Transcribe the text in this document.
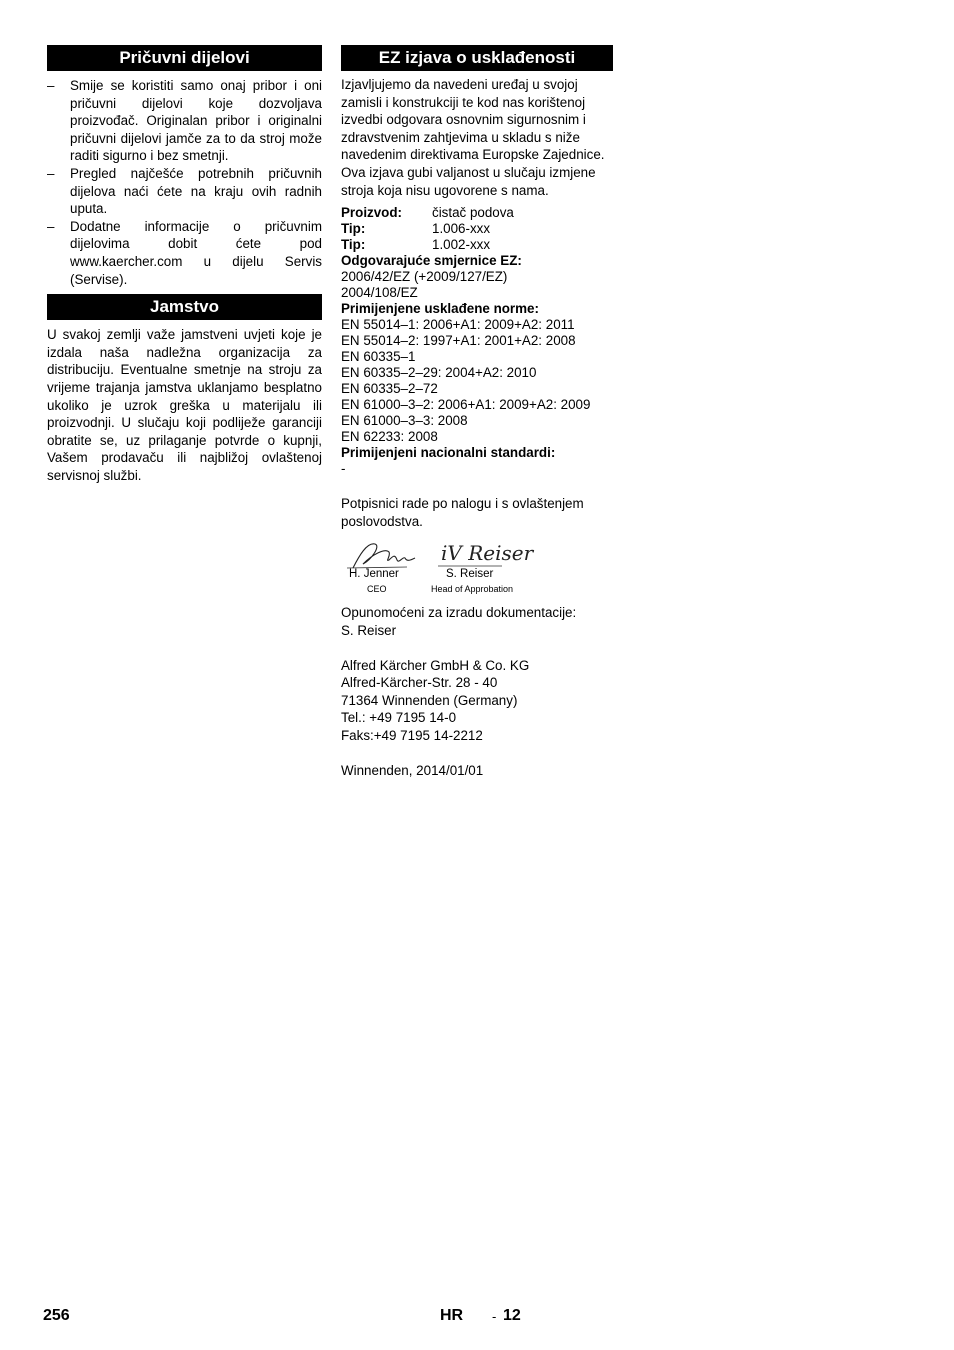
Pričuvni dijelovi
– Smije se koristiti samo onaj pribor i oni pričuvni dijelovi koje dozvoljava proizvođač. Originalan pribor i originalni pričuvni dijelovi jamče za to da stroj može raditi sigurno i bez smetnji.
– Pregled najčešće potrebnih pričuvnih dijelova naći ćete na kraju ovih radnih uputa.
– Dodatne informacije o pričuvnim dijelovima dobit ćete pod www.kaercher.com u dijelu Servis (Servise).
Jamstvo
U svakoj zemlji važe jamstveni uvjeti koje je izdala naša nadležna organizacija za distribuciju. Eventualne smetnje na stroju za vrijeme trajanja jamstva uklanjamo besplatno ukoliko je uzrok greška u materijalu ili proizvodnji. U slučaju koji podliježe garanciji obratite se, uz prilaganje potvrde o kupnji, Vašem prodavaču ili najbližoj ovlaštenoj servisnoj službi.
EZ izjava o usklađenosti
Izjavljujemo da navedeni uređaj u svojoj zamisli i konstrukciji te kod nas korištenoj izvedbi odgovara osnovnim sigurnosnim i zdravstvenim zahtjevima u skladu s niže navedenim direktivama Europske Zajednice. Ova izjava gubi valjanost u slučaju izmjene stroja koja nisu ugovorene s nama.
Proizvod:	čistač podova
Tip:	1.006-xxx
Tip:	1.002-xxx
Odgovarajuće smjernice EZ:
2006/42/EZ (+2009/127/EZ)
2004/108/EZ
Primijenjene usklađene norme:
EN 55014–1: 2006+A1: 2009+A2: 2011
EN 55014–2: 1997+A1: 2001+A2: 2008
EN 60335–1
EN 60335–2–29: 2004+A2: 2010
EN 60335–2–72
EN 61000–3–2: 2006+A1: 2009+A2: 2009
EN 61000–3–3: 2008
EN 62233: 2008
Primijenjeni nacionalni standardi:
-
Potpisnici rade po nalogu i s ovlaštenjem poslovodstva.
H. Jenner
CEO
iV Reiser
S. Reiser
Head of Approbation
Opunomoćeni za izradu dokumentacije:
S. Reiser
Alfred Kärcher GmbH & Co. KG
Alfred-Kärcher-Str. 28 - 40
71364 Winnenden (Germany)
Tel.: +49 7195 14-0
Faks:+49 7195 14-2212
Winnenden, 2014/01/01
256	HR - 12
